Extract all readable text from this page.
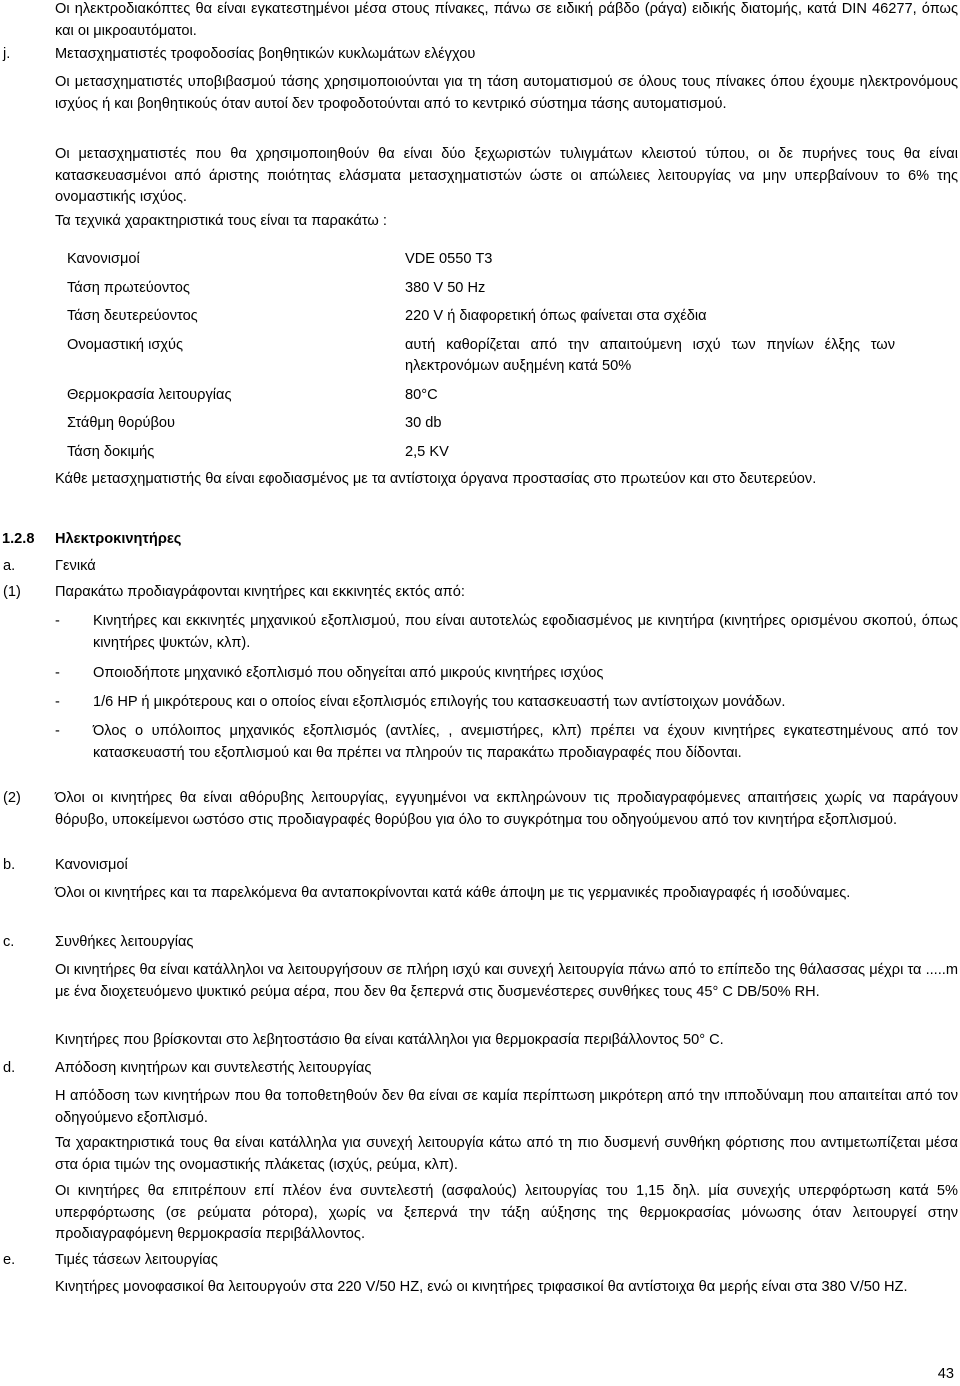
Οι ηλεκτροδιακόπτες θα είναι εγκατεστημένοι μέσα στους πίνακες, πάνω σε ειδική ράβδο (ράγα) ειδικής διατομής, κατά DIN 46277, όπως και οι μικροαυτόματοι.

j.	Μετασχηματιστές τροφοδοσίας βοηθητικών κυκλωμάτων ελέγχου

Οι μετασχηματιστές υποβιβασμού τάσης χρησιμοποιούνται για τη τάση αυτοματισμού σε όλους τους πίνακες όπου έχουμε ηλεκτρονόμους ισχύος ή και βοηθητικούς όταν αυτοί δεν τροφοδοτούνται από το κεντρικό σύστημα τάσης αυτοματισμού.

Οι μετασχηματιστές που θα χρησιμοποιηθούν θα είναι δύο ξεχωριστών τυλιγμάτων κλειστού τύπου, οι δε πυρήνες τους θα είναι κατασκευασμένοι από άριστης ποιότητας ελάσματα μετασχηματιστών ώστε οι απώλειες λειτουργίας να μην υπερβαίνουν το 6% της ονομαστικής ισχύος.

Τα τεχνικά χαρακτηριστικά τους είναι τα παρακάτω :

Κανονισμοί	VDE 0550 T3
Τάση πρωτεύοντος	380 V 50 Hz
Τάση δευτερεύοντος	220 V ή διαφορετική όπως φαίνεται στα σχέδια
Ονομαστική ισχύς	αυτή καθορίζεται από την απαιτούμενη ισχύ των πηνίων έλξης των ηλεκτρονόμων αυξημένη κατά 50%
Θερμοκρασία λειτουργίας	80°C
Στάθμη θορύβου	30 db
Τάση δοκιμής	2,5 KV

Κάθε μετασχηματιστής θα είναι εφοδιασμένος με τα αντίστοιχα όργανα προστασίας στο πρωτεύον και στο δευτερεύον.

1.2.8 Ηλεκτροκινητήρες

a.	Γενικά

(1) Παρακάτω προδιαγράφονται κινητήρες και εκκινητές εκτός από:

- Κινητήρες και εκκινητές μηχανικού εξοπλισμού, που είναι αυτοτελώς εφοδιασμένος με κινητήρα (κινητήρες ορισμένου σκοπού, όπως κινητήρες ψυκτών, κλπ).

- Οποιοδήποτε μηχανικό εξοπλισμό που οδηγείται από μικρούς κινητήρες ισχύος

- 1/6 HP ή μικρότερους και ο οποίος είναι εξοπλισμός επιλογής του κατασκευαστή των αντίστοιχων μονάδων.

- Όλος ο υπόλοιπος μηχανικός εξοπλισμός (αντλίες, , ανεμιστήρες, κλπ) πρέπει να έχουν κινητήρες εγκατεστημένους από τον κατασκευαστή του εξοπλισμού και θα πρέπει να πληρούν τις παρακάτω προδιαγραφές που δίδονται.

(2) Όλοι οι κινητήρες θα είναι αθόρυβης λειτουργίας, εγγυημένοι να εκπληρώνουν τις προδιαγραφόμενες απαιτήσεις χωρίς να παράγουν θόρυβο, υποκείμενοι ωστόσο στις προδιαγραφές θορύβου για όλο το συγκρότημα του οδηγούμενου από τον κινητήρα εξοπλισμού.

b.	Κανονισμοί

Όλοι οι κινητήρες και τα παρελκόμενα θα ανταποκρίνονται κατά κάθε άποψη με τις γερμανικές προδιαγραφές ή ισοδύναμες.

c.	Συνθήκες λειτουργίας

Οι κινητήρες θα είναι κατάλληλοι να λειτουργήσουν σε πλήρη ισχύ και συνεχή λειτουργία πάνω από το επίπεδο της θάλασσας μέχρι τα .....m με ένα διοχετευόμενο ψυκτικό ρεύμα αέρα, που δεν θα ξεπερνά στις δυσμενέστερες συνθήκες τους 45° C DB/50% RH.

Κινητήρες που βρίσκονται στο λεβητοστάσιο θα είναι κατάλληλοι για θερμοκρασία περιβάλλοντος 50° C.

d.	Απόδοση κινητήρων και συντελεστής λειτουργίας

Η απόδοση των κινητήρων που θα τοποθετηθούν δεν θα είναι σε καμία περίπτωση μικρότερη από την ιπποδύναμη που απαιτείται από τον οδηγούμενο εξοπλισμό.

Τα χαρακτηριστικά τους θα είναι κατάλληλα για συνεχή λειτουργία κάτω από τη πιο δυσμενή συνθήκη φόρτισης που αντιμετωπίζεται μέσα στα όρια τιμών της ονομαστικής πλάκετας (ισχύς, ρεύμα, κλπ).

Οι κινητήρες θα επιτρέπουν επί πλέον ένα συντελεστή (ασφαλούς) λειτουργίας του 1,15 δηλ. μία συνεχής υπερφόρτωση κατά 5% υπερφόρτωσης (σε ρεύματα ρότορα), χωρίς να ξεπερνά την τάξη αύξησης της θερμοκρασίας μόνωσης όταν λειτουργεί στην προδιαγραφόμενη θερμοκρασία περιβάλλοντος.

e.	Τιμές τάσεων λειτουργίας

Κινητήρες μονοφασικοί θα λειτουργούν στα 220 V/50 HZ, ενώ οι κινητήρες τριφασικοί θα αντίστοιχα θα μερής είναι στα 380 V/50 HZ.

43
